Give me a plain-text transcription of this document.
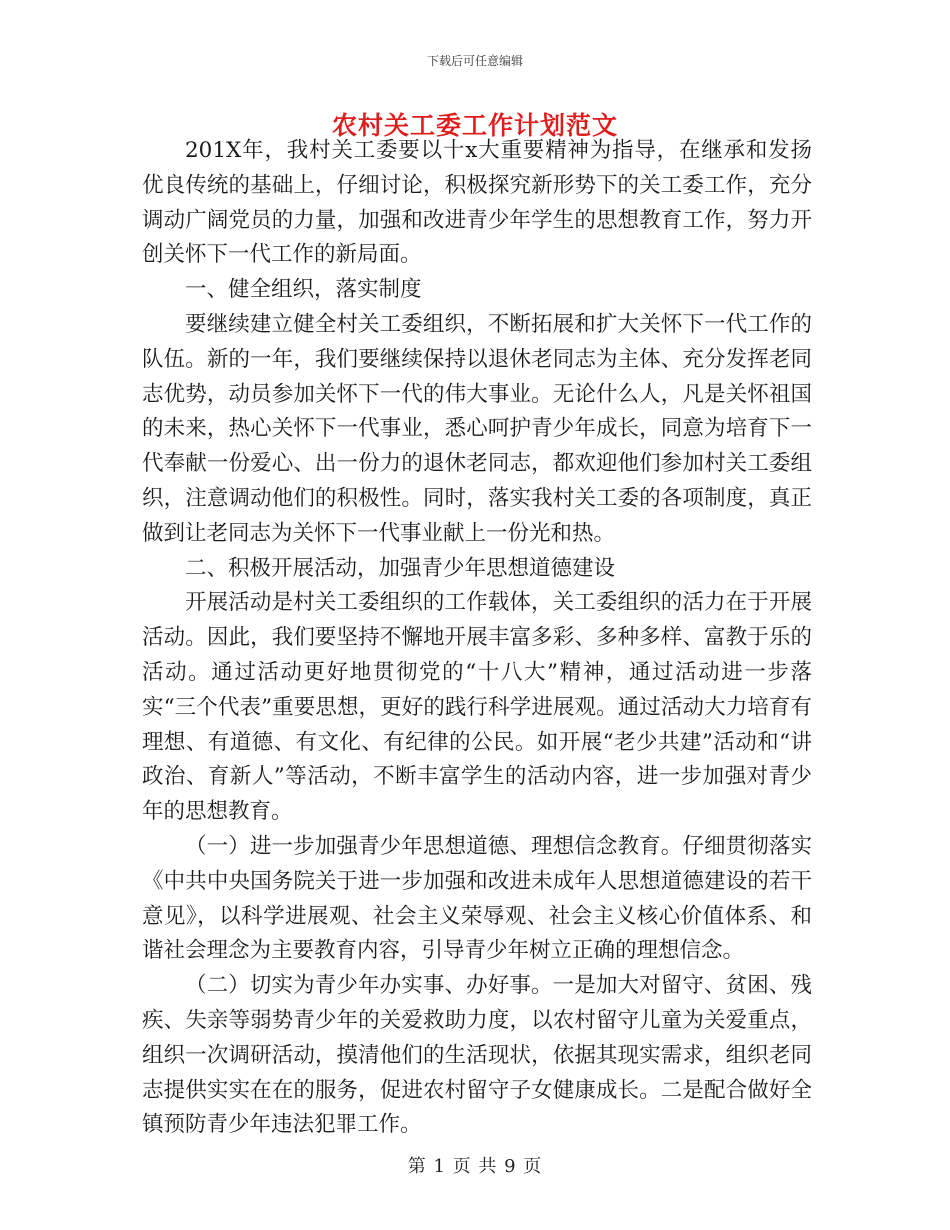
下载后可任意编辑
农村关工委工作计划范文

201X年，我村关工委要以十x大重要精神为指导，在继承和发扬优良传统的基础上，仔细讨论，积极探究新形势下的关工委工作，充分调动广阔党员的力量，加强和改进青少年学生的思想教育工作，努力开创关怀下一代工作的新局面。

一、健全组织，落实制度

要继续建立健全村关工委组织，不断拓展和扩大关怀下一代工作的队伍。新的一年，我们要继续保持以退休老同志为主体、充分发挥老同志优势，动员参加关怀下一代的伟大事业。无论什么人，凡是关怀祖国的未来，热心关怀下一代事业，悉心呵护青少年成长，同意为培育下一代奉献一份爱心、出一份力的退休老同志，都欢迎他们参加村关工委组织，注意调动他们的积极性。同时，落实我村关工委的各项制度，真正做到让老同志为关怀下一代事业献上一份光和热。

二、积极开展活动，加强青少年思想道德建设

开展活动是村关工委组织的工作载体，关工委组织的活力在于开展活动。因此，我们要坚持不懈地开展丰富多彩、多种多样、富教于乐的活动。通过活动更好地贯彻党的“十八大”精神，通过活动进一步落实“三个代表”重要思想，更好的践行科学进展观。通过活动大力培育有理想、有道德、有文化、有纪律的公民。如开展“老少共建”活动和“讲政治、育新人”等活动，不断丰富学生的活动内容，进一步加强对青少年的思想教育。

（一）进一步加强青少年思想道德、理想信念教育。仔细贯彻落实《中共中央国务院关于进一步加强和改进未成年人思想道德建设的若干意见》，以科学进展观、社会主义荣辱观、社会主义核心价值体系、和谐社会理念为主要教育内容，引导青少年树立正确的理想信念。

（二）切实为青少年办实事、办好事。一是加大对留守、贫困、残疾、失亲等弱势青少年的关爱救助力度，以农村留守儿童为关爱重点，组织一次调研活动，摸清他们的生活现状，依据其现实需求，组织老同志提供实实在在的服务，促进农村留守子女健康成长。二是配合做好全镇预防青少年违法犯罪工作。

第 1 页 共 9 页
